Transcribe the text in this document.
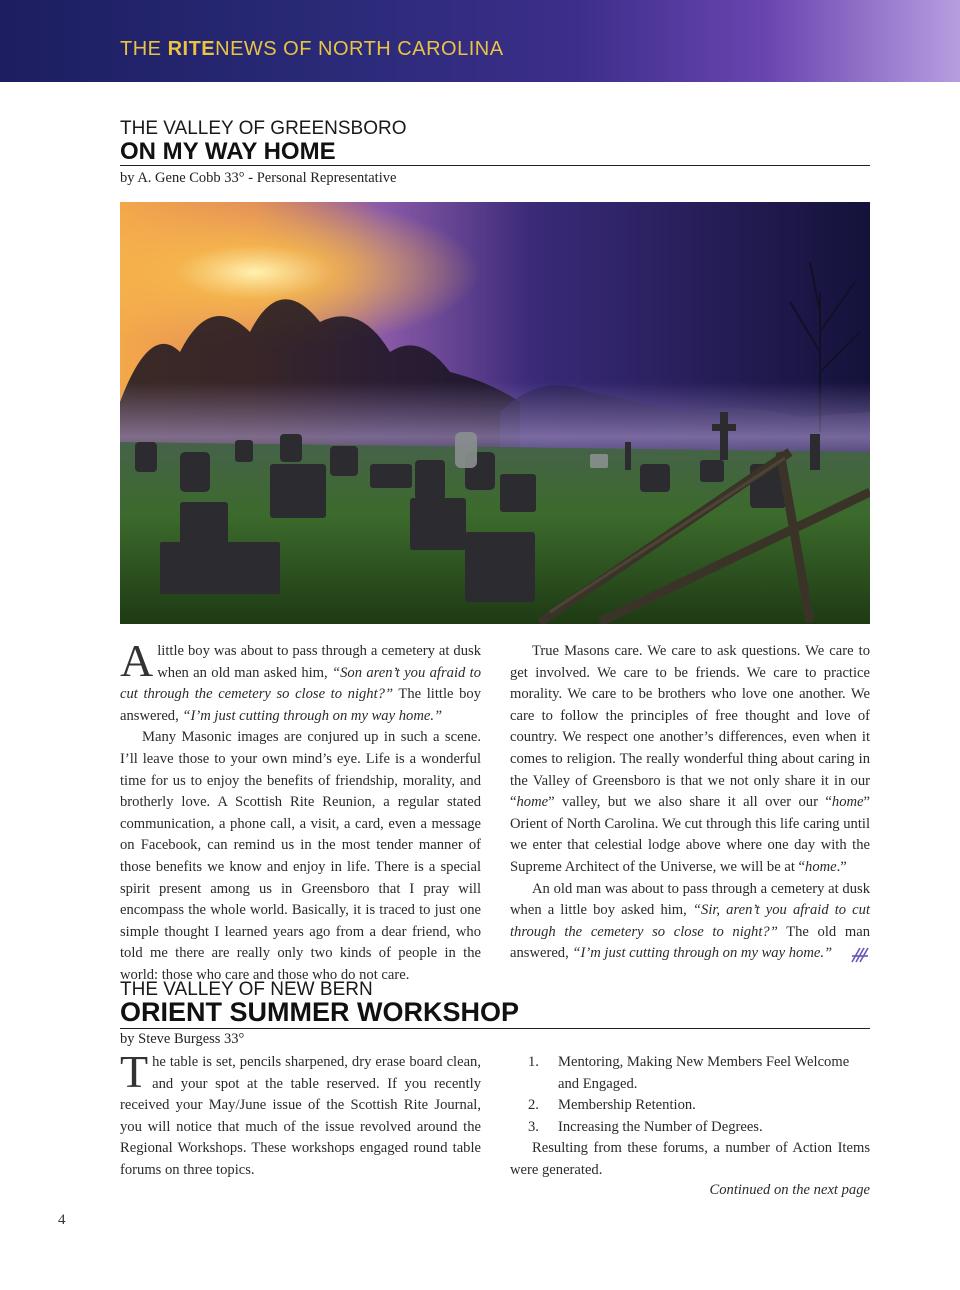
THE RITENEWS OF NORTH CAROLINA
THE VALLEY OF GREENSBORO
ON MY WAY HOME
by A. Gene Cobb 33° - Personal Representative

A little boy was about to pass through a cemetery at dusk when an old man asked him, “Son aren’t you afraid to cut through the cemetery so close to night?” The little boy answered, “I’m just cutting through on my way home.”

Many Masonic images are conjured up in such a scene. I’ll leave those to your own mind’s eye. Life is a wonderful time for us to enjoy the benefits of friendship, morality, and brotherly love. A Scottish Rite Reunion, a regular stated communication, a phone call, a visit, a card, even a message on Facebook, can remind us in the most tender manner of those benefits we know and enjoy in life. There is a special spirit present among us in Greensboro that I pray will encompass the whole world. Basically, it is traced to just one simple thought I learned years ago from a dear friend, who told me there are really only two kinds of people in the world: those who care and those who do not care.

True Masons care. We care to ask questions. We care to get involved. We care to be friends. We care to practice morality. We care to be brothers who love one another. We care to follow the principles of free thought and love of country. We respect one another’s differences, even when it comes to religion. The really wonderful thing about caring in the Valley of Greensboro is that we not only share it in our “home” valley, but we also share it all over our “home” Orient of North Carolina. We cut through this life caring until we enter that celestial lodge above where one day with the Supreme Architect of the Universe, we will be at “home.”

An old man was about to pass through a cemetery at dusk when a little boy asked him, “Sir, aren’t you afraid to cut through the cemetery so close to night?” The old man answered, “I’m just cutting through on my way home.”

THE VALLEY OF NEW BERN
ORIENT SUMMER WORKSHOP
by Steve Burgess 33°

The table is set, pencils sharpened, dry erase board clean, and your spot at the table reserved. If you recently received your May/June issue of the Scottish Rite Journal, you will notice that much of the issue revolved around the Regional Workshops. These workshops engaged round table forums on three topics.

1. Mentoring, Making New Members Feel Welcome and Engaged.
2. Membership Retention.
3. Increasing the Number of Degrees.

Resulting from these forums, a number of Action Items were generated.

Continued on the next page
4
